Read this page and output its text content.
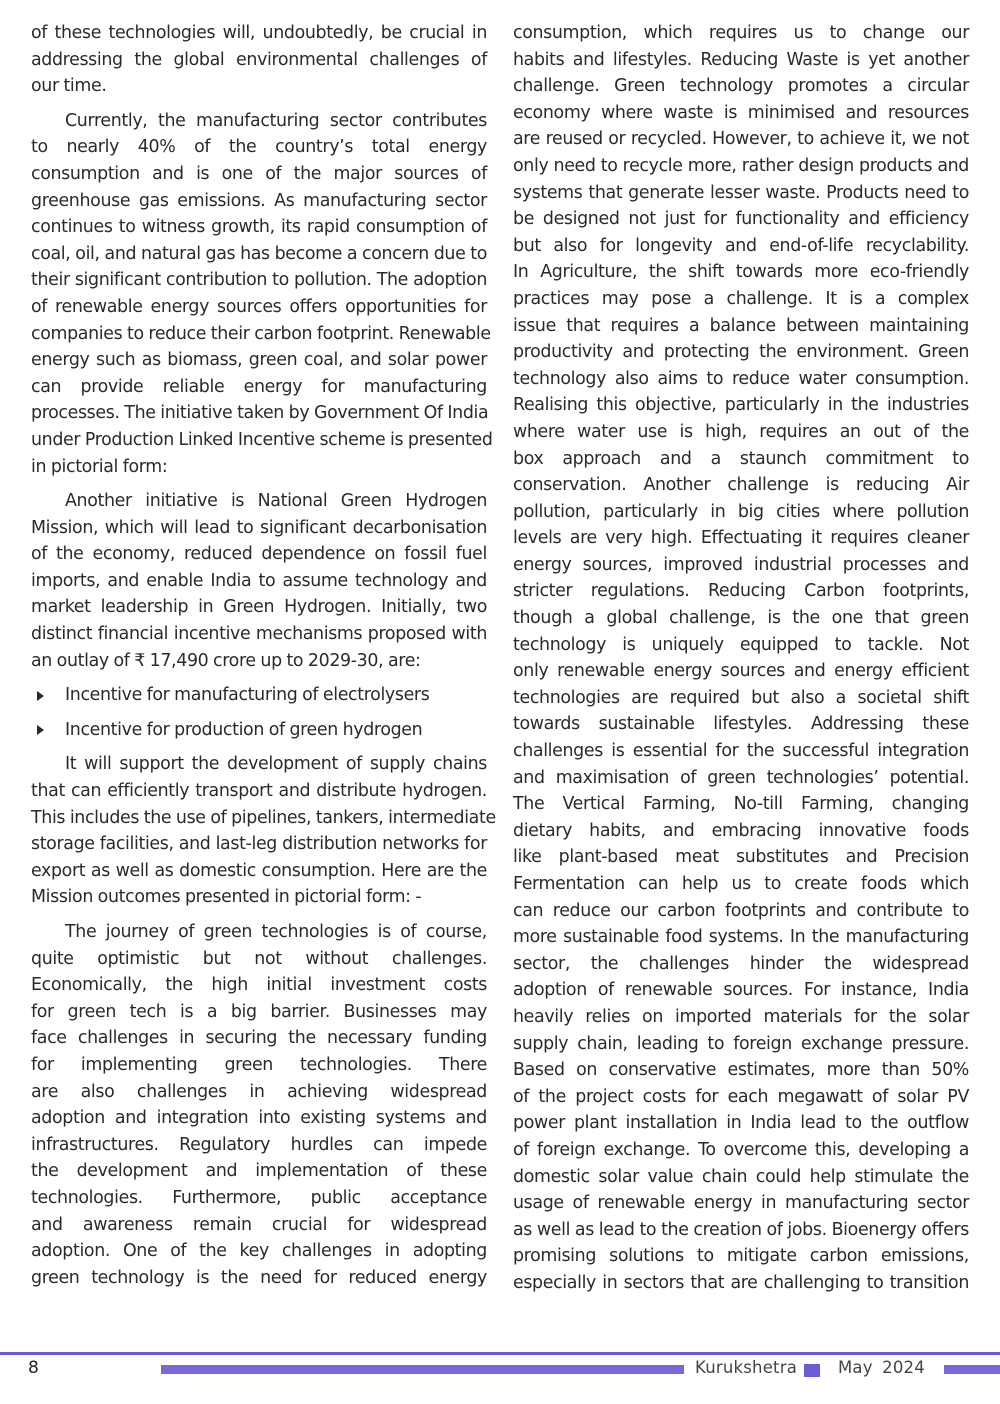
of these technologies will, undoubtedly, be crucial in
addressing the global environmental challenges of
our time.
Currently, the manufacturing sector contributes
to nearly 40% of the country’s total energy
consumption and is one of the major sources of
greenhouse gas emissions. As manufacturing sector
continues to witness growth, its rapid consumption of
coal, oil, and natural gas has become a concern due to
their significant contribution to pollution. The adoption
of renewable energy sources offers opportunities for
companies to reduce their carbon footprint. Renewable
energy such as biomass, green coal, and solar power
can provide reliable energy for manufacturing
processes. The initiative taken by Government Of India
under Production Linked Incentive scheme is presented
in pictorial form:
Another initiative is National Green Hydrogen
Mission, which will lead to significant decarbonisation
of the economy, reduced dependence on fossil fuel
imports, and enable India to assume technology and
market leadership in Green Hydrogen. Initially, two
distinct financial incentive mechanisms proposed with
an outlay of ₹ 17,490 crore up to 2029-30, are:
Incentive for manufacturing of electrolysers
Incentive for production of green hydrogen
It will support the development of supply chains
that can efficiently transport and distribute hydrogen.
This includes the use of pipelines, tankers, intermediate
storage facilities, and last-leg distribution networks for
export as well as domestic consumption. Here are the
Mission outcomes presented in pictorial form: -
The journey of green technologies is of course,
quite optimistic but not without challenges.
Economically, the high initial investment costs
for green tech is a big barrier. Businesses may
face challenges in securing the necessary funding
for implementing green technologies. There
are also challenges in achieving widespread
adoption and integration into existing systems and
infrastructures. Regulatory hurdles can impede
the development and implementation of these
technologies. Furthermore, public acceptance
and awareness remain crucial for widespread
adoption. One of the key challenges in adopting
green technology is the need for reduced energy
consumption, which requires us to change our
habits and lifestyles. Reducing Waste is yet another
challenge. Green technology promotes a circular
economy where waste is minimised and resources
are reused or recycled. However, to achieve it, we not
only need to recycle more, rather design products and
systems that generate lesser waste. Products need to
be designed not just for functionality and efficiency
but also for longevity and end-of-life recyclability.
In Agriculture, the shift towards more eco-friendly
practices may pose a challenge. It is a complex
issue that requires a balance between maintaining
productivity and protecting the environment. Green
technology also aims to reduce water consumption.
Realising this objective, particularly in the industries
where water use is high, requires an out of the
box approach and a staunch commitment to
conservation. Another challenge is reducing Air
pollution, particularly in big cities where pollution
levels are very high. Effectuating it requires cleaner
energy sources, improved industrial processes and
stricter regulations. Reducing Carbon footprints,
though a global challenge, is the one that green
technology is uniquely equipped to tackle. Not
only renewable energy sources and energy efficient
technologies are required but also a societal shift
towards sustainable lifestyles. Addressing these
challenges is essential for the successful integration
and maximisation of green technologies’ potential.
The Vertical Farming, No-till Farming, changing
dietary habits, and embracing innovative foods
like plant-based meat substitutes and Precision
Fermentation can help us to create foods which
can reduce our carbon footprints and contribute to
more sustainable food systems. In the manufacturing
sector, the challenges hinder the widespread
adoption of renewable sources. For instance, India
heavily relies on imported materials for the solar
supply chain, leading to foreign exchange pressure.
Based on conservative estimates, more than 50%
of the project costs for each megawatt of solar PV
power plant installation in India lead to the outflow
of foreign exchange. To overcome this, developing a
domestic solar value chain could help stimulate the
usage of renewable energy in manufacturing sector
as well as lead to the creation of jobs. Bioenergy offers
promising solutions to mitigate carbon emissions,
especially in sectors that are challenging to transition
8	Kurukshetra May 2024
